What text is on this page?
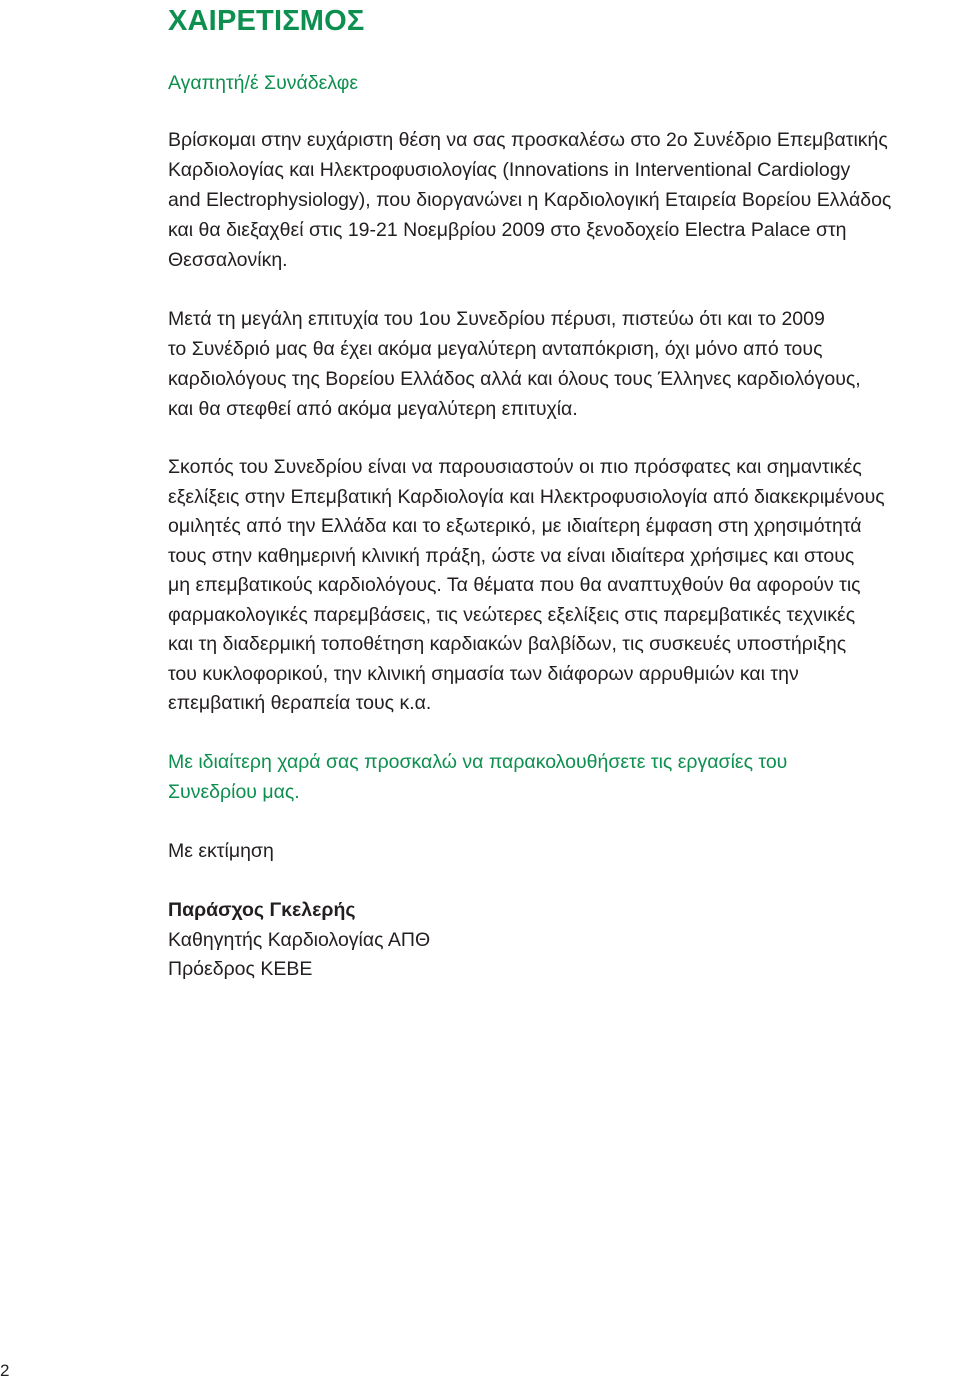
ΧΑΙΡΕΤΙΣΜΟΣ

Αγαπητή/έ Συνάδελφε

Βρίσκομαι στην ευχάριστη θέση να σας προσκαλέσω στο 2ο Συνέδριο Επεμβατικής

Καρδιολογίας και Ηλεκτροφυσιολογίας (Innovations in Interventional Cardiology

and Electrophysiology), που διοργανώνει η Καρδιολογική Εταιρεία Βορείου Ελλάδος

και θα διεξαχθεί στις 19-21 Νοεμβρίου 2009 στο ξενοδοχείο Electra Palace στη

Θεσσαλονίκη.

Μετά τη μεγάλη επιτυχία του 1ου Συνεδρίου πέρυσι, πιστεύω ότι και το 2009

το Συνέδριό μας θα έχει ακόμα μεγαλύτερη ανταπόκριση, όχι μόνο από τους

καρδιολόγους της Βορείου Ελλάδος αλλά και όλους τους Έλληνες καρδιολόγους,

και θα στεφθεί από ακόμα μεγαλύτερη επιτυχία.

Σκοπός του Συνεδρίου είναι να παρουσιαστούν οι πιο πρόσφατες και σημαντικές

εξελίξεις στην Επεμβατική Καρδιολογία και Ηλεκτροφυσιολογία από διακεκριμένους

ομιλητές από την Ελλάδα και το εξωτερικό, με ιδιαίτερη έμφαση στη χρησιμότητά

τους στην καθημερινή κλινική πράξη, ώστε να είναι ιδιαίτερα χρήσιμες και στους

μη επεμβατικούς καρδιολόγους. Τα θέματα που θα αναπτυχθούν θα αφορούν τις

φαρμακολογικές παρεμβάσεις, τις νεώτερες εξελίξεις στις παρεμβατικές τεχνικές

και τη διαδερμική τοποθέτηση καρδιακών βαλβίδων, τις συσκευές υποστήριξης

του κυκλοφορικού, την κλινική σημασία των διάφορων αρρυθμιών και την

επεμβατική θεραπεία τους κ.α.

Με ιδιαίτερη χαρά σας προσκαλώ να παρακολουθήσετε τις εργασίες του

Συνεδρίου μας.

Με εκτίμηση

Παράσχος Γκελερής

Καθηγητής Καρδιολογίας ΑΠΘ

Πρόεδρος ΚΕΒΕ

2
